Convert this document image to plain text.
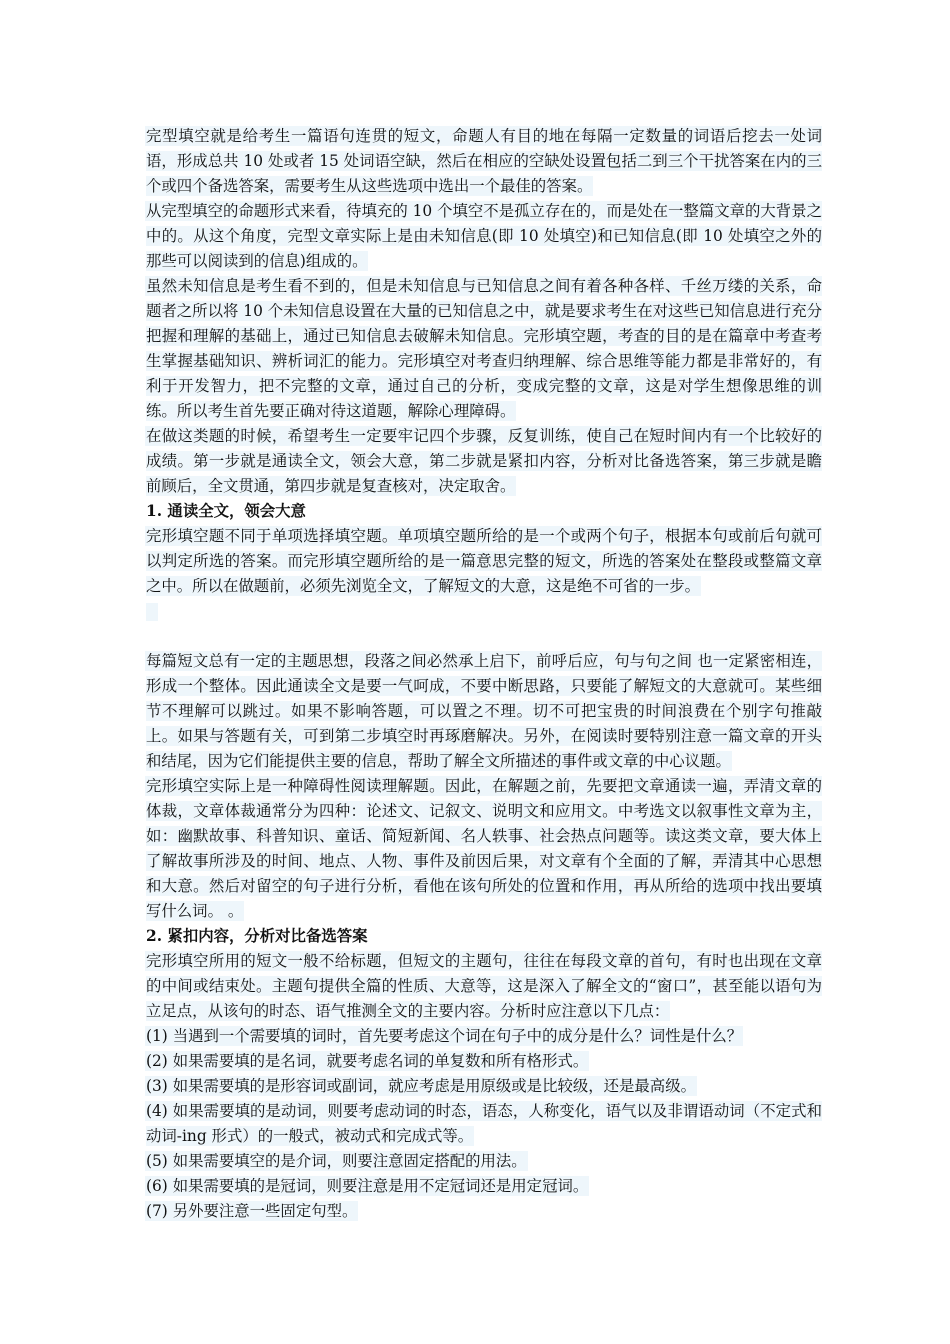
完型填空就是给考生一篇语句连贯的短文，命题人有目的地在每隔一定数量的词语后挖去一处词语，形成总共 10 处或者 15 处词语空缺，然后在相应的空缺处设置包括二到三个干扰答案在内的三个或四个备选答案，需要考生从这些选项中选出一个最佳的答案。

从完型填空的命题形式来看，待填充的 10 个填空不是孤立存在的，而是处在一整篇文章的大背景之中的。从这个角度，完型文章实际上是由未知信息(即 10 处填空)和已知信息(即 10 处填空之外的那些可以阅读到的信息)组成的。

虽然未知信息是考生看不到的，但是未知信息与已知信息之间有着各种各样、千丝万缕的关系，命题者之所以将 10 个未知信息设置在大量的已知信息之中，就是要求考生在对这些已知信息进行充分把握和理解的基础上，通过已知信息去破解未知信息。完形填空题，考查的目的是在篇章中考查考生掌握基础知识、辨析词汇的能力。完形填空对考查归纳理解、综合思维等能力都是非常好的，有利于开发智力，把不完整的文章，通过自己的分析，变成完整的文章，这是对学生想像思维的训练。所以考生首先要正确对待这道题，解除心理障碍。

在做这类题的时候，希望考生一定要牢记四个步骤，反复训练，使自己在短时间内有一个比较好的成绩。第一步就是通读全文，领会大意，第二步就是紧扣内容，分析对比备选答案，第三步就是瞻前顾后，全文贯通，第四步就是复查核对，决定取舍。

1. 通读全文，领会大意

完形填空题不同于单项选择填空题。单项填空题所给的是一个或两个句子，根据本句或前后句就可以判定所选的答案。而完形填空题所给的是一篇意思完整的短文，所选的答案处在整段或整篇文章之中。所以在做题前，必须先浏览全文，了解短文的大意，这是绝不可省的一步。

每篇短文总有一定的主题思想，段落之间必然承上启下，前呼后应，句与句之间 也一定紧密相连，形成一个整体。因此通读全文是要一气呵成，不要中断思路，只要能了解短文的大意就可。某些细节不理解可以跳过。如果不影响答题，可以置之不理。切不可把宝贵的时间浪费在个别字句推敲上。如果与答题有关，可到第二步填空时再琢磨解决。另外，在阅读时要特别注意一篇文章的开头和结尾，因为它们能提供主要的信息，帮助了解全文所描述的事件或文章的中心议题。

完形填空实际上是一种障碍性阅读理解题。因此，在解题之前，先要把文章通读一遍，弄清文章的体裁，文章体裁通常分为四种：论述文、记叙文、说明文和应用文。中考选文以叙事性文章为主，如：幽默故事、科普知识、童话、简短新闻、名人轶事、社会热点问题等。读这类文章，要大体上了解故事所涉及的时间、地点、人物、事件及前因后果，对文章有个全面的了解，弄清其中心思想和大意。然后对留空的句子进行分析，看他在该句所处的位置和作用，再从所给的选项中找出要填写什么词。 。

2. 紧扣内容，分析对比备选答案

完形填空所用的短文一般不给标题，但短文的主题句，往往在每段文章的首句，有时也出现在文章的中间或结束处。主题句提供全篇的性质、大意等，这是深入了解全文的“窗口”，甚至能以语句为立足点，从该句的时态、语气推测全文的主要内容。分析时应注意以下几点：

(1) 当遇到一个需要填的词时，首先要考虑这个词在句子中的成分是什么？词性是什么？

(2) 如果需要填的是名词，就要考虑名词的单复数和所有格形式。

(3) 如果需要填的是形容词或副词，就应考虑是用原级或是比较级，还是最高级。

(4) 如果需要填的是动词，则要考虑动词的时态，语态，人称变化，语气以及非谓语动词（不定式和动词-ing 形式）的一般式，被动式和完成式等。

(5) 如果需要填空的是介词，则要注意固定搭配的用法。

(6) 如果需要填的是冠词，则要注意是用不定冠词还是用定冠词。

(7) 另外要注意一些固定句型。
